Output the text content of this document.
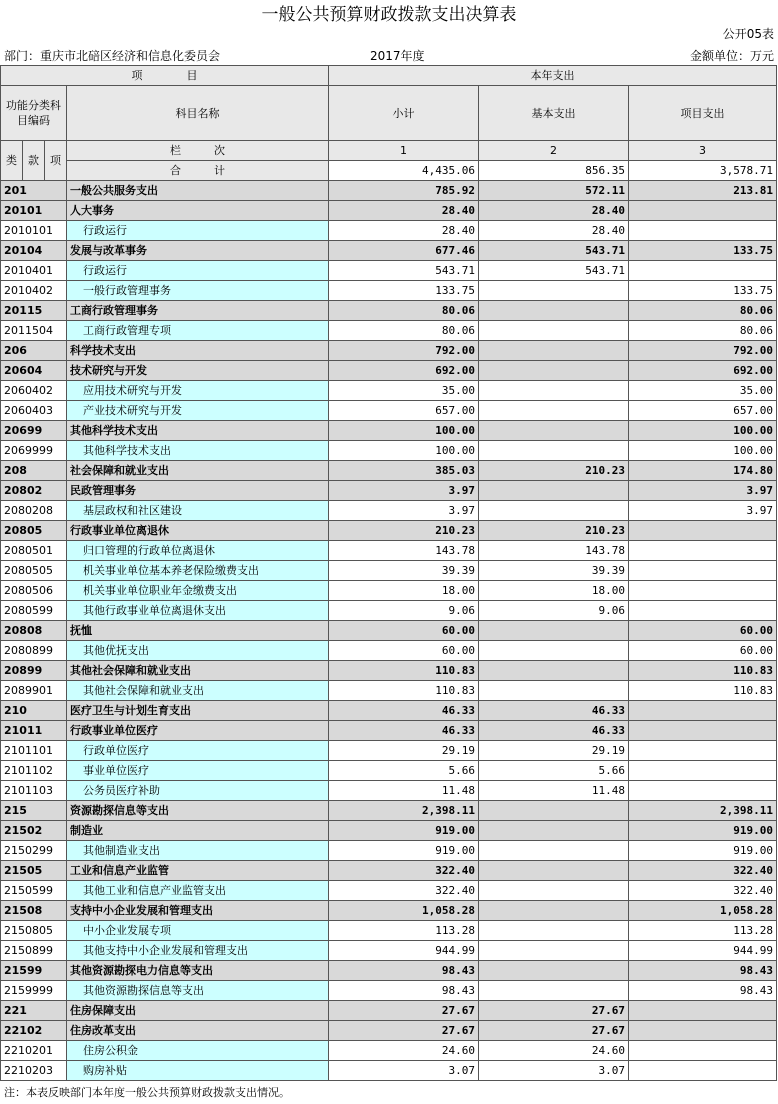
一般公共预算财政拨款支出决算表
公开05表
部门：重庆市北碚区经济和信息化委员会	2017年度	金额单位：万元
项　　　　目				本年支出		
功能分类科目编码			科目名称	小计	基本支出	项目支出
类	款	项	栏　　　次	1	2	3
			合　　　计	4,435.06	856.35	3,578.71
201			一般公共服务支出	785.92	572.11	213.81
20101			人大事务	28.40	28.40	
2010101			行政运行	28.40	28.40	
20104			发展与改革事务	677.46	543.71	133.75
2010401			行政运行	543.71	543.71	
2010402			一般行政管理事务	133.75		133.75
20115			工商行政管理事务	80.06		80.06
2011504			工商行政管理专项	80.06		80.06
206			科学技术支出	792.00		792.00
20604			技术研究与开发	692.00		692.00
2060402			应用技术研究与开发	35.00		35.00
2060403			产业技术研究与开发	657.00		657.00
20699			其他科学技术支出	100.00		100.00
2069999			其他科学技术支出	100.00		100.00
208			社会保障和就业支出	385.03	210.23	174.80
20802			民政管理事务	3.97		3.97
2080208			基层政权和社区建设	3.97		3.97
20805			行政事业单位离退休	210.23	210.23	
2080501			归口管理的行政单位离退休	143.78	143.78	
2080505			机关事业单位基本养老保险缴费支出	39.39	39.39	
2080506			机关事业单位职业年金缴费支出	18.00	18.00	
2080599			其他行政事业单位离退休支出	9.06	9.06	
20808			抚恤	60.00		60.00
2080899			其他优抚支出	60.00		60.00
20899			其他社会保障和就业支出	110.83		110.83
2089901			其他社会保障和就业支出	110.83		110.83
210			医疗卫生与计划生育支出	46.33	46.33	
21011			行政事业单位医疗	46.33	46.33	
2101101			行政单位医疗	29.19	29.19	
2101102			事业单位医疗	5.66	5.66	
2101103			公务员医疗补助	11.48	11.48	
215			资源勘探信息等支出	2,398.11		2,398.11
21502			制造业	919.00		919.00
2150299			其他制造业支出	919.00		919.00
21505			工业和信息产业监管	322.40		322.40
2150599			其他工业和信息产业监管支出	322.40		322.40
21508			支持中小企业发展和管理支出	1,058.28		1,058.28
2150805			中小企业发展专项	113.28		113.28
2150899			其他支持中小企业发展和管理支出	944.99		944.99
21599			其他资源勘探电力信息等支出	98.43		98.43
2159999			其他资源勘探信息等支出	98.43		98.43
221			住房保障支出	27.67	27.67	
22102			住房改革支出	27.67	27.67	
2210201			住房公积金	24.60	24.60	
2210203			购房补贴	3.07	3.07	
注：本表反映部门本年度一般公共预算财政拨款支出情况。
